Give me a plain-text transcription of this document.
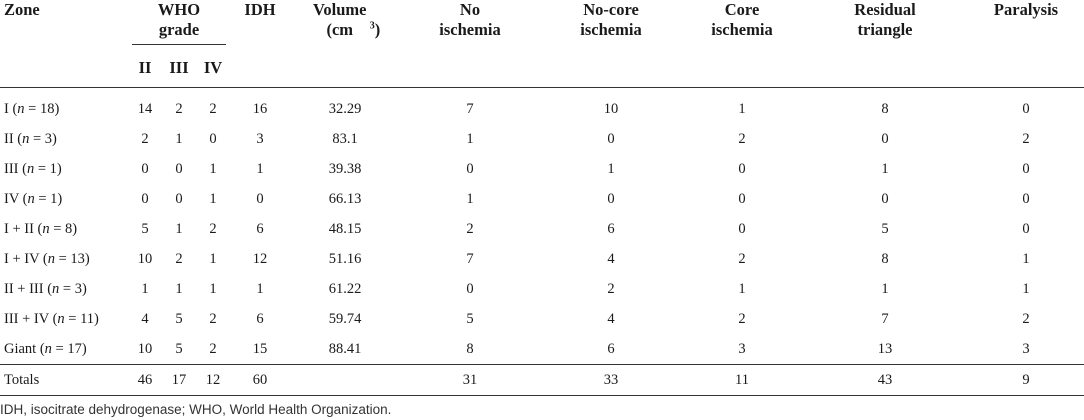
Zone	WHO grade			IDH	Volume (cm $^3$)	No ischemia	No-core ischemia	Core ischemia	Residual triangle	Paralysis
	II	III	IV							

I (n = 18)	14	2	2	16	32.29	7	10	1	8	0
II (n = 3)	2	1	0	3	83.1	1	0	2	0	2
III (n = 1)	0	0	1	1	39.38	0	1	0	1	0
IV (n = 1)	0	0	1	0	66.13	1	0	0	0	0
I + II (n = 8)	5	1	2	6	48.15	2	6	0	5	0
I + IV (n = 13)	10	2	1	12	51.16	7	4	2	8	1
II + III (n = 3)	1	1	1	1	61.22	0	2	1	1	1
III + IV (n = 11)	4	5	2	6	59.74	5	4	2	7	2
Giant (n = 17)	10	5	2	15	88.41	8	6	3	13	3
Totals	46	17	12	60		31	33	11	43	9
IDH, isocitrate dehydrogenase; WHO, World Health Organization.
